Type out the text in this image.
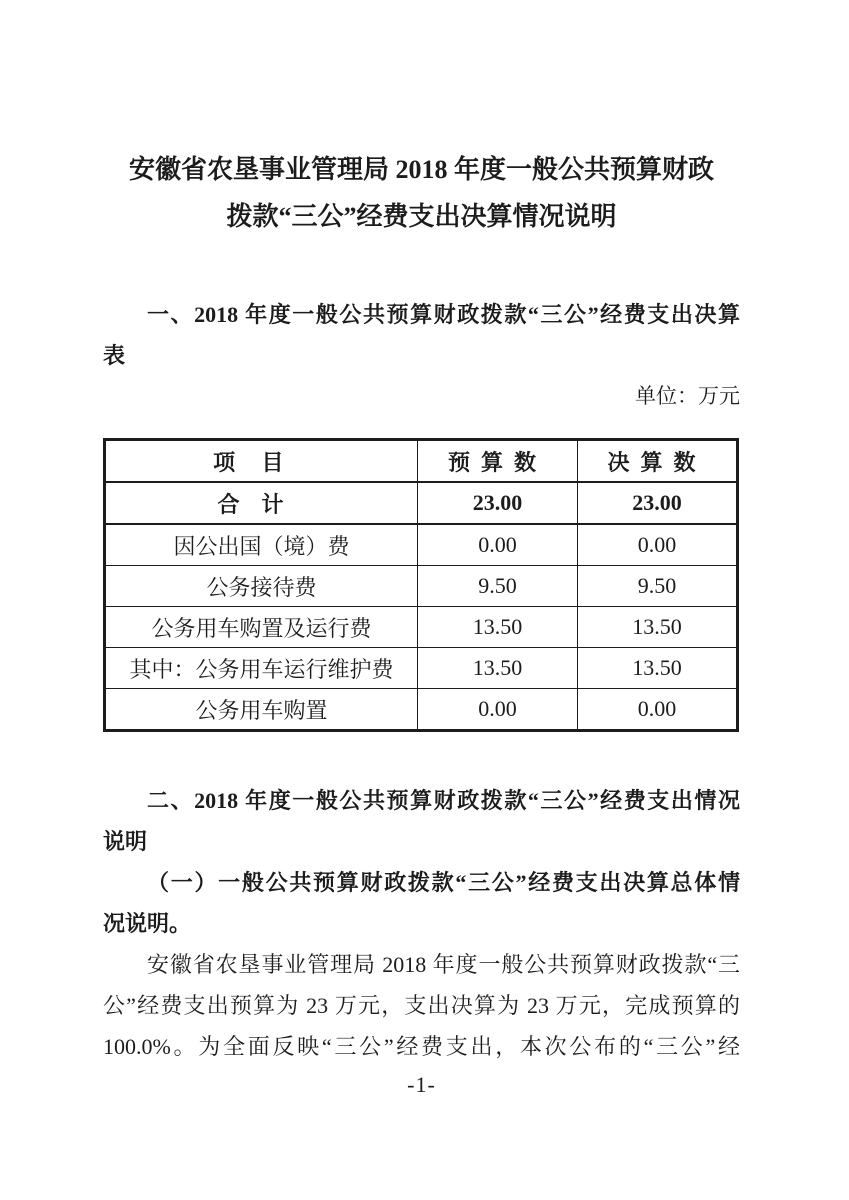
安徽省农垦事业管理局 2018 年度一般公共预算财政
拨款“三公”经费支出决算情况说明
一、2018 年度一般公共预算财政拨款“三公”经费支出决算
表
单位：万元
项目	预算数	决算数
合计	23.00	23.00
因公出国（境）费	0.00	0.00
公务接待费	9.50	9.50
公务用车购置及运行费	13.50	13.50
其中：公务用车运行维护费	13.50	13.50
公务用车购置	0.00	0.00
二、2018 年度一般公共预算财政拨款“三公”经费支出情况
说明
（一）一般公共预算财政拨款“三公”经费支出决算总体情
况说明。
安徽省农垦事业管理局 2018 年度一般公共预算财政拨款“三
公”经费支出预算为 23 万元，支出决算为 23 万元，完成预算的
100.0%。为全面反映“三公”经费支出，本次公布的“三公”经
-1-
